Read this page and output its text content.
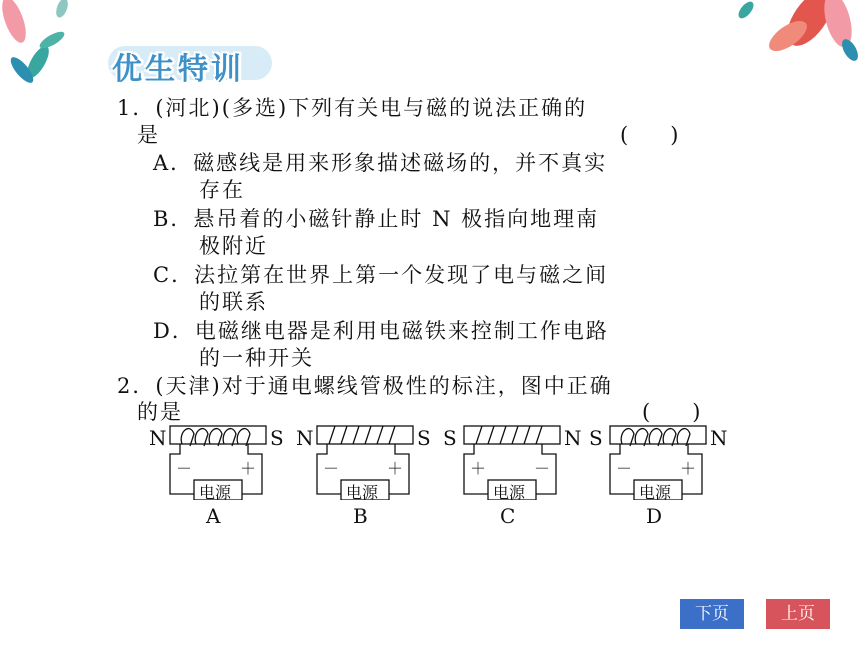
优生特训
1．(河北)(多选)下列有关电与磁的说法正确的
是	(　　)
A．磁感线是用来形象描述磁场的，并不真实
存在
B．悬吊着的小磁针静止时 N 极指向地理南
极附近
C．法拉第在世界上第一个发现了电与磁之间
的联系
D．电磁继电器是利用电磁铁来控制工作电路
的一种开关
2．(天津)对于通电螺线管极性的标注，图中正确
的是	(　　)
N	S
－	＋
电源
A
N	S
－	＋
电源
B
S	N
＋	－
电源
C
S	N
－	＋
电源
D
下页	上页
